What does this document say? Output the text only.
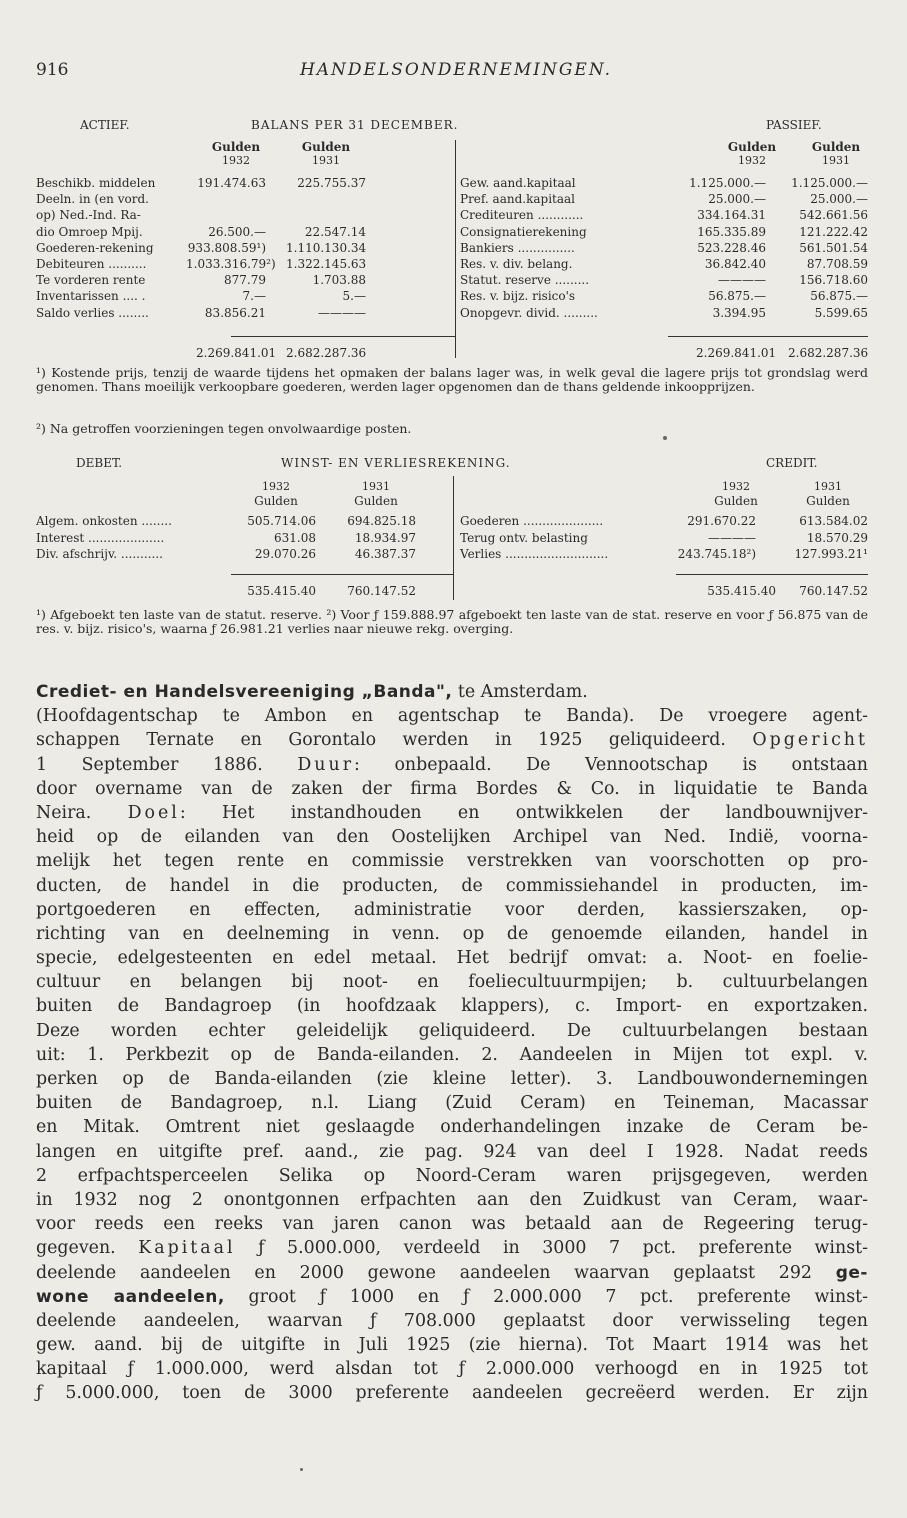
916	HANDELSONDERNEMINGEN.
ACTIEF.	BALANS PER 31 DECEMBER.	PASSIEF.
Gulden	Gulden
1932	1931
Gulden	Gulden
1932	1931
Beschikb. middelen	191.474.63	225.755.37
Deeln. in (en vord.
op) Ned.-Ind. Ra-
dio Omroep Mpij.	26.500.—	22.547.14
Goederen-rekening	933.808.59¹) 1.110.130.34
Debiteuren ..........	1.033.316.79²) 1.322.145.63
Te vorderen rente	877.79	1.703.88
Inventarissen .... .	7.—	5.—
Saldo verlies ........	83.856.21	————
Gew. aand.kapitaal	1.125.000.— 1.125.000.—
Pref. aand.kapitaal	25.000.—	25.000.—
Crediteuren ............	334.164.31	542.661.56
Consignatierekening	165.335.89	121.222.42
Bankiers ...............	523.228.46	561.501.54
Res. v. div. belang.	36.842.40	87.708.59
Statut. reserve .........	————	156.718.60
Res. v. bijz. risico's	56.875.—	56.875.—
Onopgevr. divid. .........	3.394.95	5.599.65
2.269.841.01 2.682.287.36	2.269.841.01 2.682.287.36
¹) Kostende prijs, tenzij de waarde tijdens het opmaken der balans lager was, in welk geval die lagere prijs tot grondslag werd genomen. Thans moeilijk verkoopbare goederen, werden lager opgenomen dan de thans geldende inkoopprijzen.
²) Na getroffen voorzieningen tegen onvolwaardige posten.
DEBET.	WINST- EN VERLIESREKENING.	CREDIT.
1932	1931
Gulden	Gulden
1932	1931
Gulden	Gulden
Algem. onkosten ........	505.714.06	694.825.18
Interest ....................	631.08	18.934.97
Div. afschrijv. ...........	29.070.26	46.387.37
Goederen .....................	291.670.22	613.584.02
Terug ontv. belasting	————	18.570.29
Verlies ...........................	243.745.18²)	127.993.21¹
535.415.40	760.147.52	535.415.40	760.147.52
¹) Afgeboekt ten laste van de statut. reserve. ²) Voor ƒ 159.888.97 afgeboekt ten laste van de stat. reserve en voor ƒ 56.875 van de res. v. bijz. risico's, waarna ƒ 26.981.21 verlies naar nieuwe rekg. overging.
Crediet- en Handelsvereeniging „Banda", te Amsterdam.
(Hoofdagentschap te Ambon en agentschap te Banda). De vroegere agent-
schappen Ternate en Gorontalo werden in 1925 geliquideerd. Opgericht
1 September 1886. Duur: onbepaald. De Vennootschap is ontstaan
door overname van de zaken der firma Bordes & Co. in liquidatie te Banda
Neira. Doel: Het instandhouden en ontwikkelen der landbouwnijver-
heid op de eilanden van den Oostelijken Archipel van Ned. Indië, voorna-
melijk het tegen rente en commissie verstrekken van voorschotten op pro-
ducten, de handel in die producten, de commissiehandel in producten, im-
portgoederen en effecten, administratie voor derden, kassierszaken, op-
richting van en deelneming in venn. op de genoemde eilanden, handel in
specie, edelgesteenten en edel metaal. Het bedrijf omvat: a. Noot- en foelie-
cultuur en belangen bij noot- en foeliecultuurmpijen; b. cultuurbelangen
buiten de Bandagroep (in hoofdzaak klappers), c. Import- en exportzaken.
Deze worden echter geleidelijk geliquideerd. De cultuurbelangen bestaan
uit: 1. Perkbezit op de Banda-eilanden. 2. Aandeelen in Mijen tot expl. v.
perken op de Banda-eilanden (zie kleine letter). 3. Landbouwondernemingen
buiten de Bandagroep, n.l. Liang (Zuid Ceram) en Teineman, Macassar
en Mitak. Omtrent niet geslaagde onderhandelingen inzake de Ceram be-
langen en uitgifte pref. aand., zie pag. 924 van deel I 1928. Nadat reeds
2 erfpachtsperceelen Selika op Noord-Ceram waren prijsgegeven, werden
in 1932 nog 2 onontgonnen erfpachten aan den Zuidkust van Ceram, waar-
voor reeds een reeks van jaren canon was betaald aan de Regeering terug-
gegeven. Kapitaal ƒ 5.000.000, verdeeld in 3000 7 pct. preferente winst-
deelende aandeelen en 2000 gewone aandeelen waarvan geplaatst 292 ge-
wone aandeelen, groot ƒ 1000 en ƒ 2.000.000 7 pct. preferente winst-
deelende aandeelen, waarvan ƒ 708.000 geplaatst door verwisseling tegen
gew. aand. bij de uitgifte in Juli 1925 (zie hierna). Tot Maart 1914 was het
kapitaal ƒ 1.000.000, werd alsdan tot ƒ 2.000.000 verhoogd en in 1925 tot
ƒ 5.000.000, toen de 3000 preferente aandeelen gecreëerd werden. Er zijn
